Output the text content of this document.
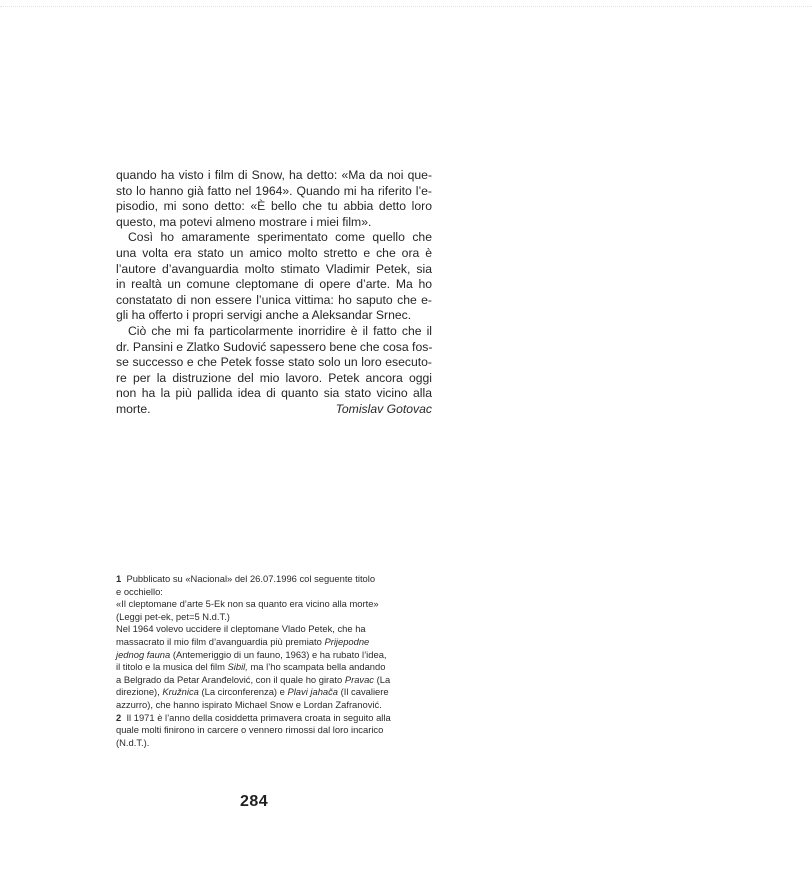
quando ha visto i film di Snow, ha detto: «Ma da noi que-
sto lo hanno già fatto nel 1964». Quando mi ha riferito l’e-
pisodio, mi sono detto: «È bello che tu abbia detto loro
questo, ma potevi almeno mostrare i miei film».

Così ho amaramente sperimentato come quello che
una volta era stato un amico molto stretto e che ora è
l’autore d’avanguardia molto stimato Vladimir Petek, sia
in realtà un comune cleptomane di opere d’arte. Ma ho
constatato di non essere l’unica vittima: ho saputo che e-
gli ha offerto i propri servigi anche a Aleksandar Srnec.

Ciò che mi fa particolarmente inorridire è il fatto che il
dr. Pansini e Zlatko Sudović sapessero bene che cosa fos-
se successo e che Petek fosse stato solo un loro esecuto-
re per la distruzione del mio lavoro. Petek ancora oggi
non ha la più pallida idea di quanto sia stato vicino alla
morte.	Tomislav Gotovac

1 Pubblicato su «Nacional» del 26.07.1996 col seguente titolo
e occhiello:
«Il cleptomane d’arte 5-Ek non sa quanto era vicino alla morte»
(Leggi pet-ek, pet=5 N.d.T.)
Nel 1964 volevo uccidere il cleptomane Vlado Petek, che ha
massacrato il mio film d’avanguardia più premiato Prijepodne
jednog fauna (Antemeriggio di un fauno, 1963) e ha rubato l’idea,
il titolo e la musica del film Sibil, ma l’ho scampata bella andando
a Belgrado da Petar Aranđelović, con il quale ho girato Pravac (La
direzione), Kružnica (La circonferenza) e Plavi jahača (Il cavaliere
azzurro), che hanno ispirato Michael Snow e Lordan Zafranović.
2 Il 1971 è l’anno della cosiddetta primavera croata in seguito alla
quale molti finirono in carcere o vennero rimossi dal loro incarico
(N.d.T.).
284
